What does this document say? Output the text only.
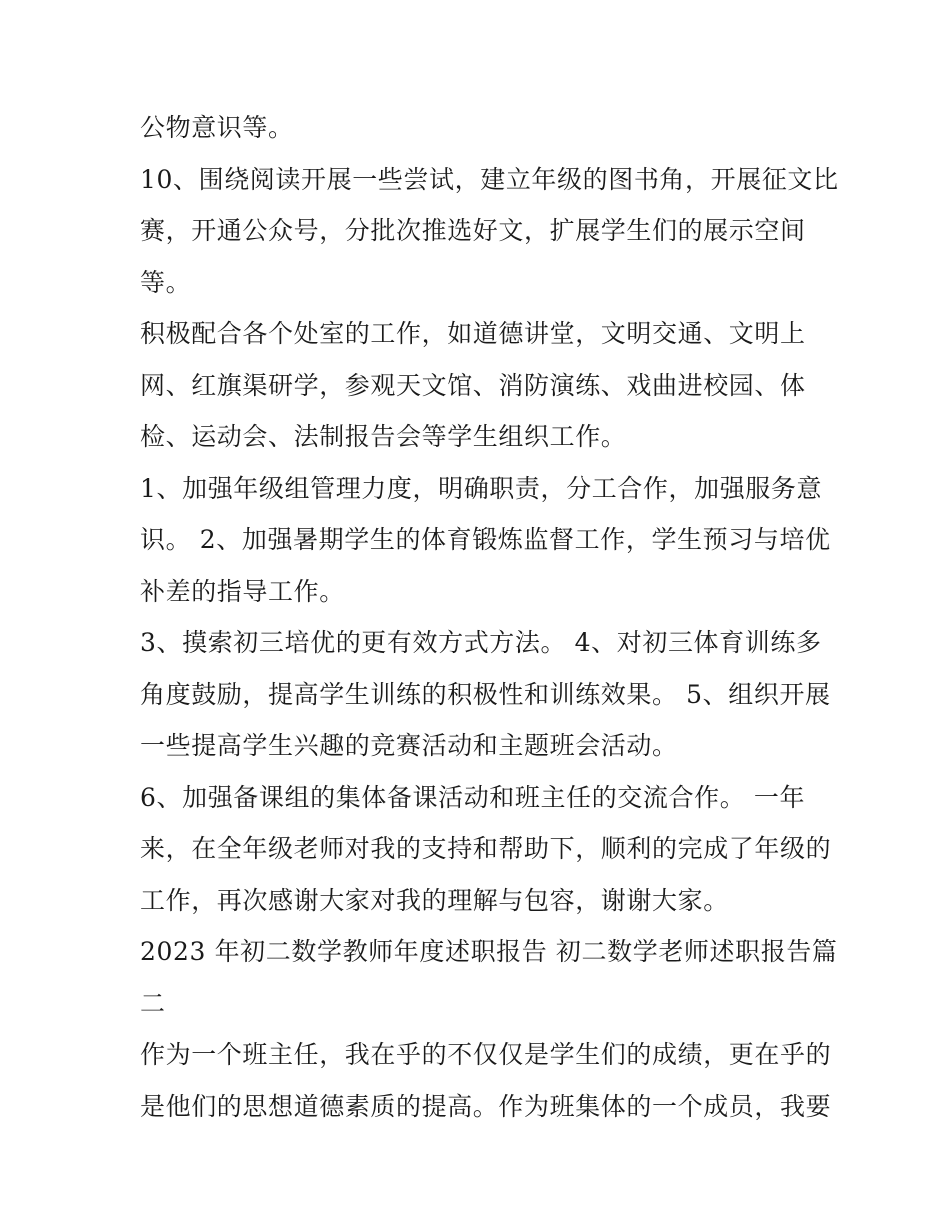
公物意识等。
10、围绕阅读开展一些尝试，建立年级的图书角，开展征文比
赛，开通公众号，分批次推选好文，扩展学生们的展示空间
等。
积极配合各个处室的工作，如道德讲堂，文明交通、文明上
网、红旗渠研学，参观天文馆、消防演练、戏曲进校园、体
检、运动会、法制报告会等学生组织工作。
1、加强年级组管理力度，明确职责，分工合作，加强服务意
识。 2、加强暑期学生的体育锻炼监督工作，学生预习与培优
补差的指导工作。
3、摸索初三培优的更有效方式方法。 4、对初三体育训练多
角度鼓励，提高学生训练的积极性和训练效果。 5、组织开展
一些提高学生兴趣的竞赛活动和主题班会活动。
6、加强备课组的集体备课活动和班主任的交流合作。 一年
来，在全年级老师对我的支持和帮助下，顺利的完成了年级的
工作，再次感谢大家对我的理解与包容，谢谢大家。
2023 年初二数学教师年度述职报告 初二数学老师述职报告篇
二
作为一个班主任，我在乎的不仅仅是学生们的成绩，更在乎的
是他们的思想道德素质的提高。作为班集体的一个成员，我要
